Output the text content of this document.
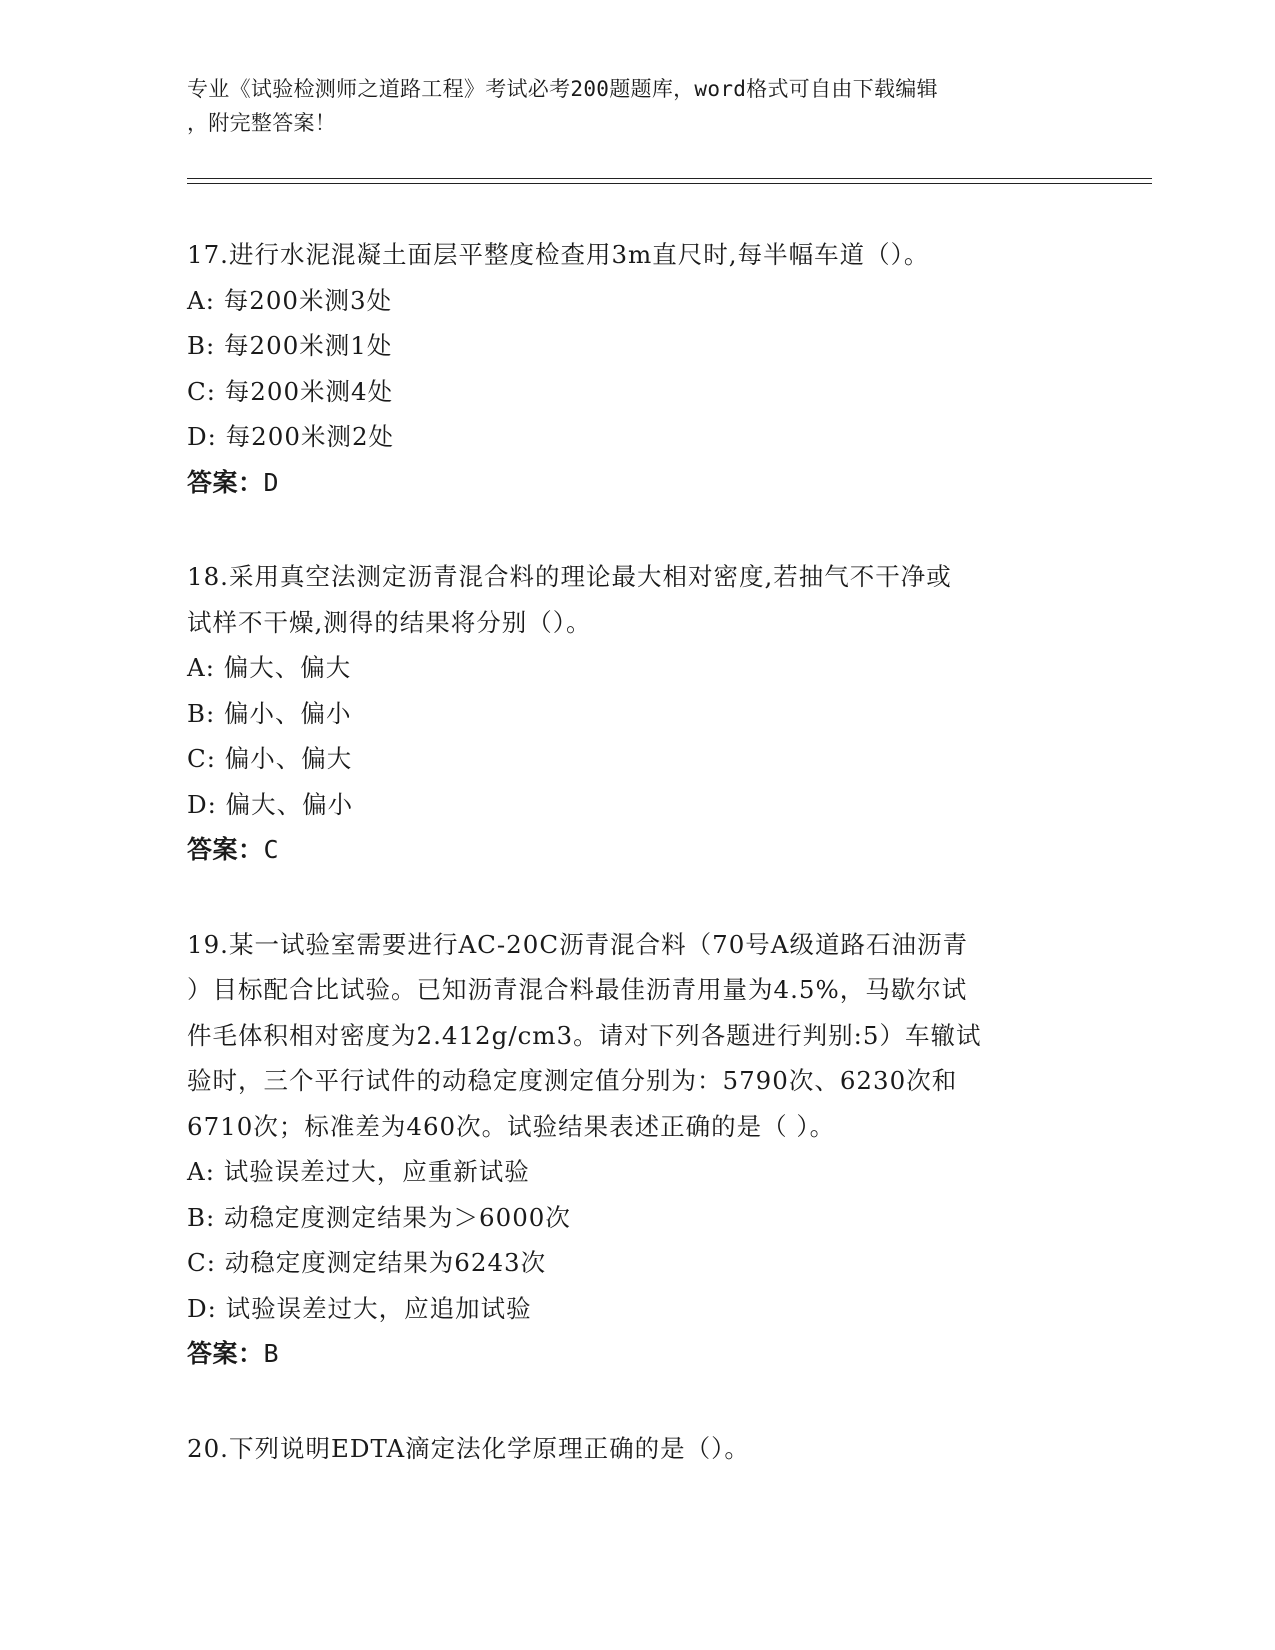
专业《试验检测师之道路工程》考试必考200题题库，word格式可自由下载编辑
，附完整答案！

17.进行水泥混凝土面层平整度检查用3m直尺时,每半幅车道（）。

A: 每200米测3处

B: 每200米测1处

C: 每200米测4处

D: 每200米测2处

答案：D

18.采用真空法测定沥青混合料的理论最大相对密度,若抽气不干净或

试样不干燥,测得的结果将分别（）。

A: 偏大、偏大

B: 偏小、偏小

C: 偏小、偏大

D: 偏大、偏小

答案：C

19.某一试验室需要进行AC-20C沥青混合料（70号A级道路石油沥青

）目标配合比试验。已知沥青混合料最佳沥青用量为4.5%，马歇尔试

件毛体积相对密度为2.412g/cm3。请对下列各题进行判别:5）车辙试

验时，三个平行试件的动稳定度测定值分别为：5790次、6230次和

6710次；标准差为460次。试验结果表述正确的是（ ）。

A: 试验误差过大，应重新试验

B: 动稳定度测定结果为＞6000次

C: 动稳定度测定结果为6243次

D: 试验误差过大，应追加试验

答案：B

20.下列说明EDTA滴定法化学原理正确的是（）。
